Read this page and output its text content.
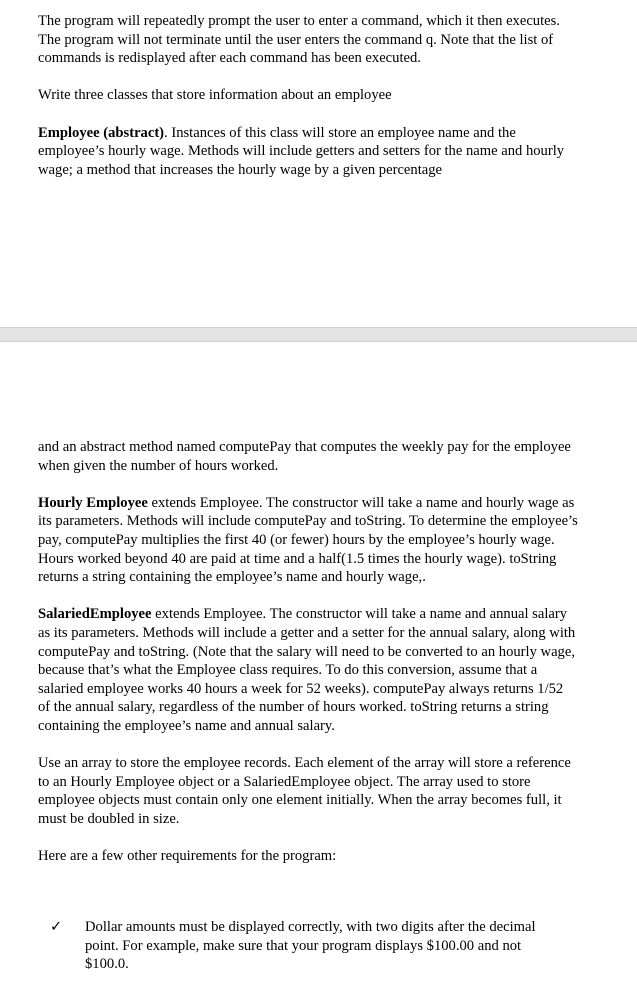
The program will repeatedly prompt the user to enter a command, which it then executes. The program will not terminate until the user enters the command q. Note that the list of commands is redisplayed after each command has been executed.

Write three classes that store information about an employee

Employee (abstract). Instances of this class will store an employee name and the employee’s hourly wage. Methods will include getters and setters for the name and hourly wage; a method that increases the hourly wage by a given percentage

and an abstract method named computePay that computes the weekly pay for the employee when given the number of hours worked.

Hourly Employee extends Employee. The constructor will take a name and hourly wage as its parameters. Methods will include computePay and toString. To determine the employee’s pay, computePay multiplies the first 40 (or fewer) hours by the employee’s hourly wage. Hours worked beyond 40 are paid at time and a half(1.5 times the hourly wage). toString returns a string containing the employee’s name and hourly wage,.

SalariedEmployee extends Employee. The constructor will take a name and annual salary as its parameters. Methods will include a getter and a setter for the annual salary, along with computePay and toString. (Note that the salary will need to be converted to an hourly wage, because that’s what the Employee class requires. To do this conversion, assume that a salaried employee works 40 hours a week for 52 weeks). computePay always returns 1/52 of the annual salary, regardless of the number of hours worked. toString returns a string containing the employee’s name and annual salary.

Use an array to store the employee records. Each element of the array will store a reference to an Hourly Employee object or a SalariedEmployee object. The array used to store employee objects must contain only one element initially. When the array becomes full, it must be doubled in size.

Here are a few other requirements for the program:

✓	Dollar amounts must be displayed correctly, with two digits after the decimal point. For example, make sure that your program displays $100.00 and not $100.0.
